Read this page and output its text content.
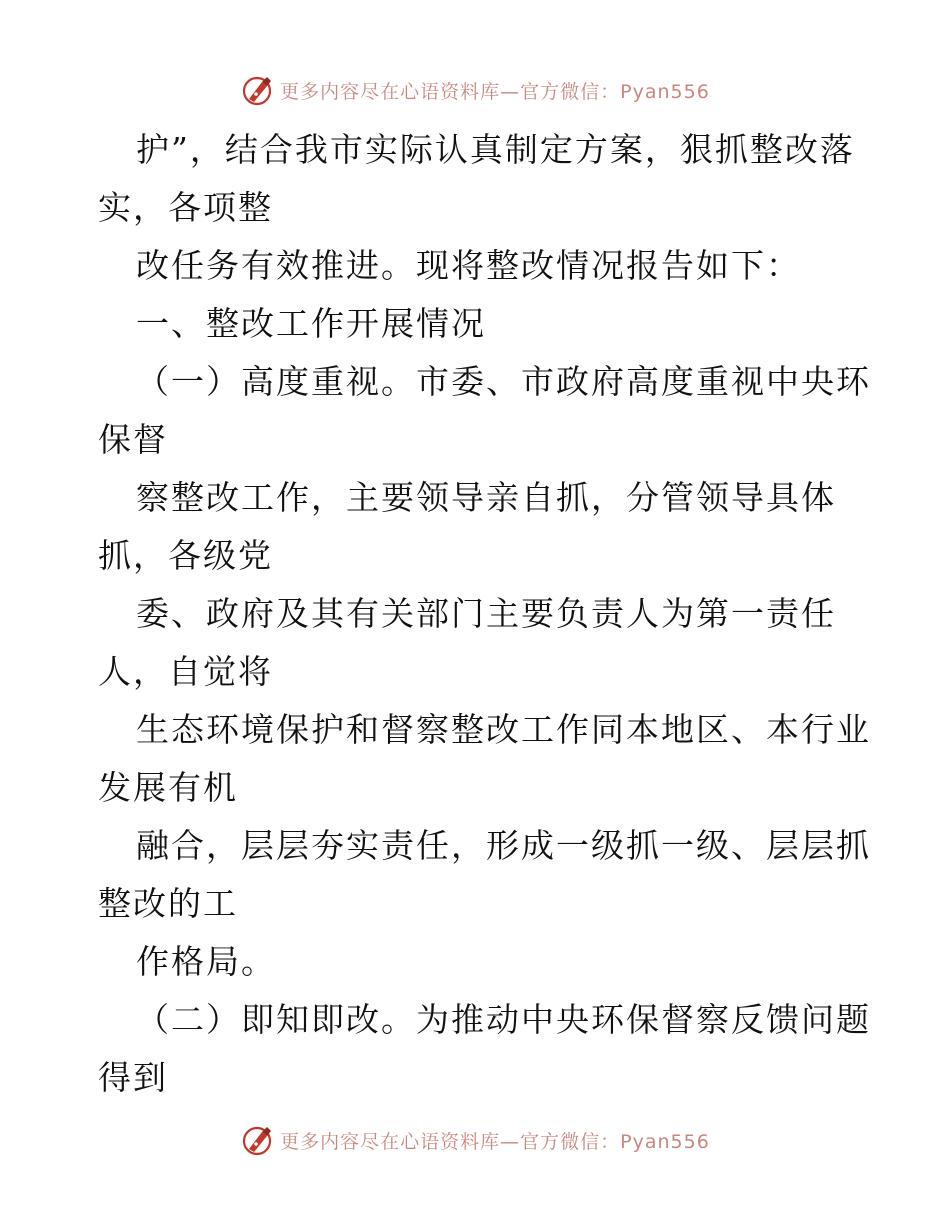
更多内容尽在心语资料库—官方微信：Pyan556
护”，结合我市实际认真制定方案，狠抓整改落
实，各项整
改任务有效推进。现将整改情况报告如下：
一、整改工作开展情况
（一）高度重视。市委、市政府高度重视中央环
保督
察整改工作，主要领导亲自抓，分管领导具体
抓，各级党
委、政府及其有关部门主要负责人为第一责任
人，自觉将
生态环境保护和督察整改工作同本地区、本行业
发展有机
融合，层层夯实责任，形成一级抓一级、层层抓
整改的工
作格局。
（二）即知即改。为推动中央环保督察反馈问题
得到
更多内容尽在心语资料库—官方微信：Pyan556
